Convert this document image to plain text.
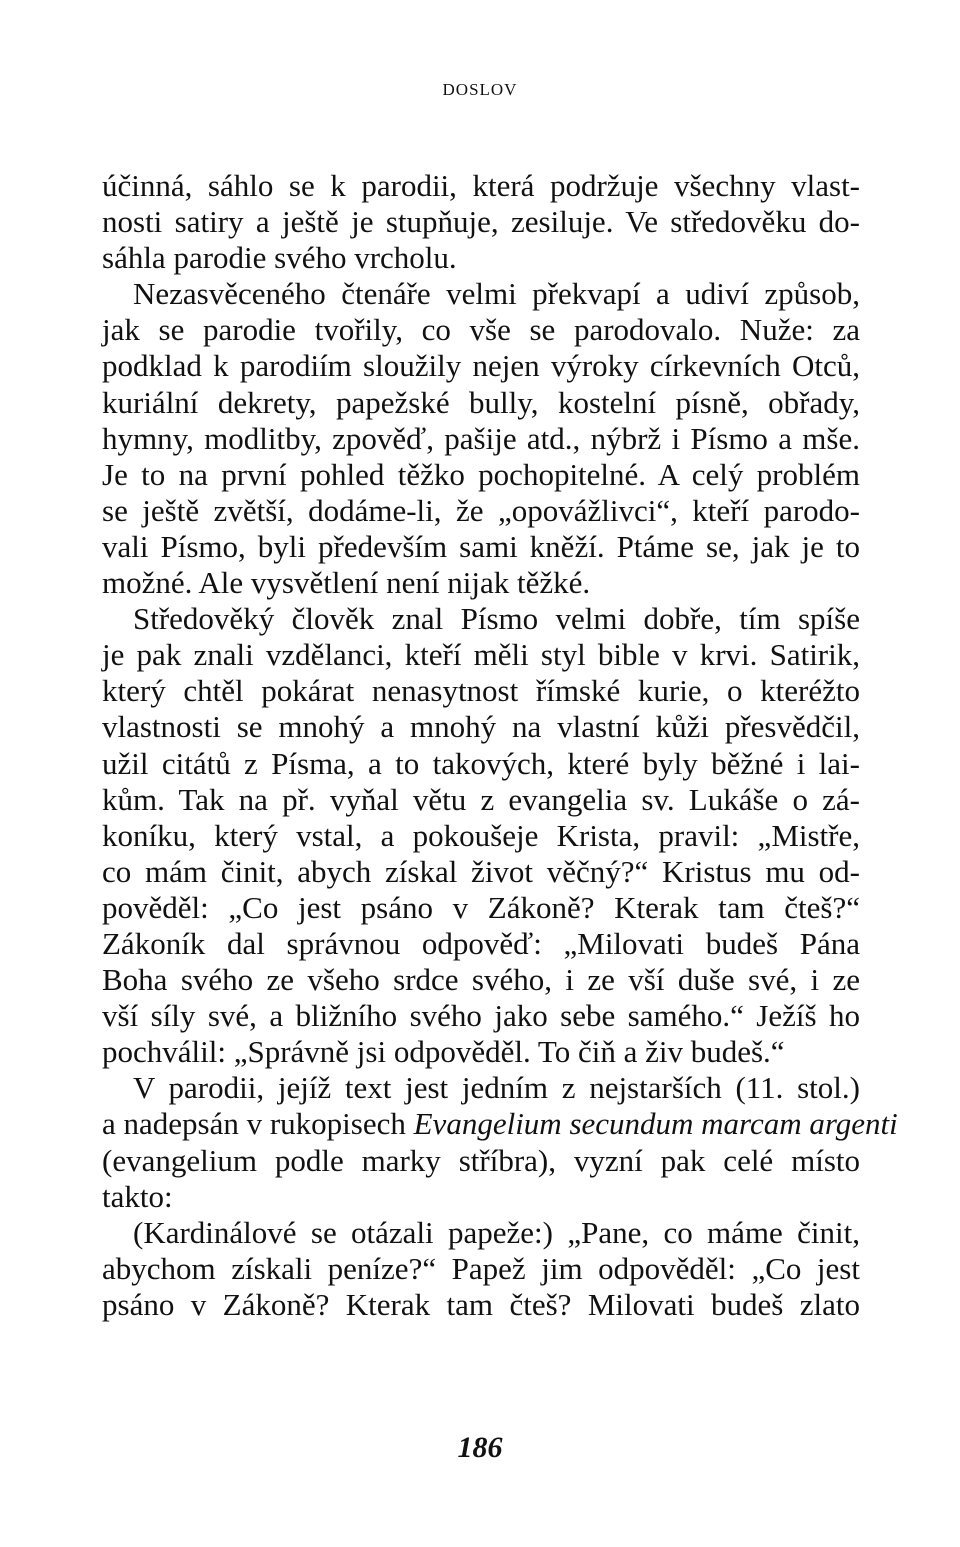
DOSLOV
účinná, sáhlo se k parodii, která podržuje všechny vlast-
nosti satiry a ještě je stupňuje, zesiluje. Ve středověku do-
sáhla parodie svého vrcholu.
Nezasvěceného čtenáře velmi překvapí a udiví způsob,
jak se parodie tvořily, co vše se parodovalo. Nuže: za
podklad k parodiím sloužily nejen výroky církevních Otců,
kuriální dekrety, papežské bully, kostelní písně, obřady,
hymny, modlitby, zpověď, pašije atd., nýbrž i Písmo a mše.
Je to na první pohled těžko pochopitelné. A celý problém
se ještě zvětší, dodáme-li, že „opovážlivci“, kteří parodo-
vali Písmo, byli především sami kněží. Ptáme se, jak je to
možné. Ale vysvětlení není nijak těžké.
Středověký člověk znal Písmo velmi dobře, tím spíše
je pak znali vzdělanci, kteří měli styl bible v krvi. Satirik,
který chtěl pokárat nenasytnost římské kurie, o kteréžto
vlastnosti se mnohý a mnohý na vlastní kůži přesvědčil,
užil citátů z Písma, a to takových, které byly běžné i lai-
kům. Tak na př. vyňal větu z evangelia sv. Lukáše o zá-
koníku, který vstal, a pokoušeje Krista, pravil: „Mistře,
co mám činit, abych získal život věčný?“ Kristus mu od-
pověděl: „Co jest psáno v Zákoně? Kterak tam čteš?“
Zákoník dal správnou odpověď: „Milovati budeš Pána
Boha svého ze všeho srdce svého, i ze vší duše své, i ze
vší síly své, a bližního svého jako sebe samého.“ Ježíš ho
pochválil: „Správně jsi odpověděl. To čiň a živ budeš.“
V parodii, jejíž text jest jedním z nejstarších (11. stol.)
a nadepsán v rukopisech Evangelium secundum marcam argenti
(evangelium podle marky stříbra), vyzní pak celé místo
takto:
(Kardinálové se otázali papeže:) „Pane, co máme činit,
abychom získali peníze?“ Papež jim odpověděl: „Co jest
psáno v Zákoně? Kterak tam čteš? Milovati budeš zlato
186
